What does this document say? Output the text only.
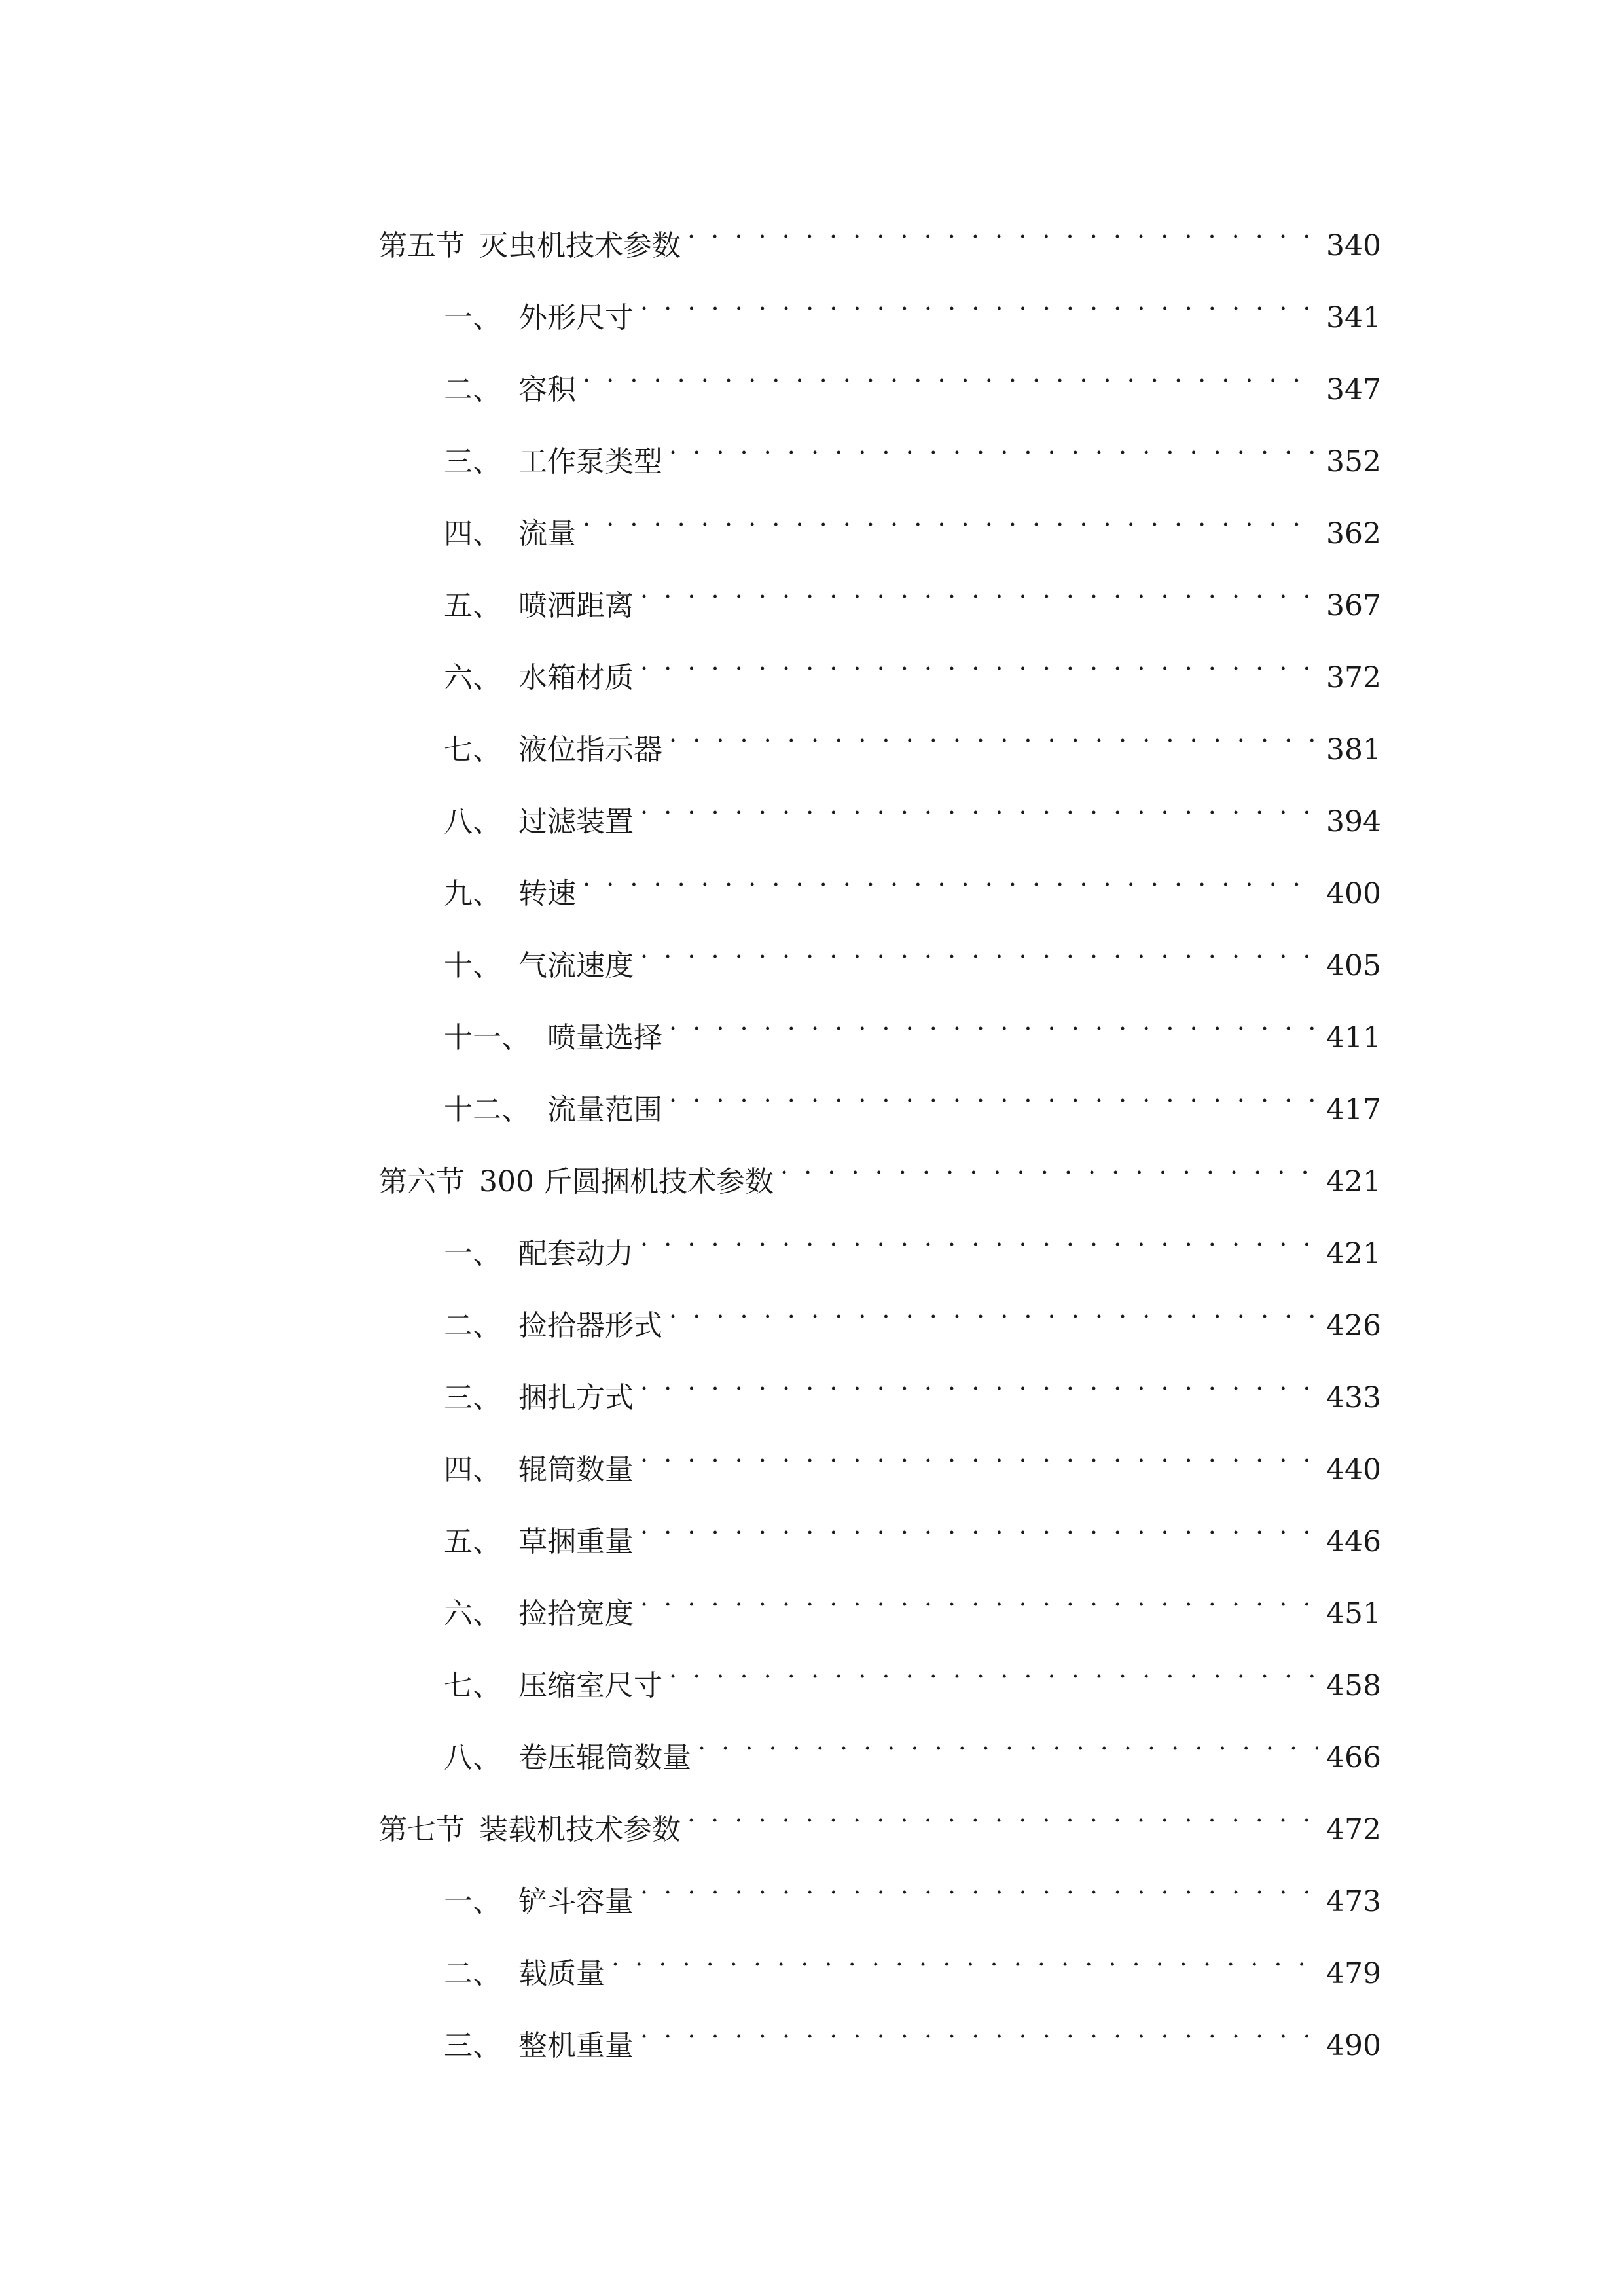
第五节 灭虫机技术参数 . . .	340
一、 外形尺寸 . . .	341
二、 容积 . . .	347
三、 工作泵类型 . . .	352
四、 流量 . . .	362
五、 喷洒距离 . . .	367
六、 水箱材质 . . .	372
七、 液位指示器 . . .	381
八、 过滤装置 . . .	394
九、 转速 . . .	400
十、 气流速度 . . .	405
十一、 喷量选择 . . .	411
十二、 流量范围 . . .	417
第六节 300 斤圆捆机技术参数 . . .	421
一、 配套动力 . . .	421
二、 捡拾器形式 . . .	426
三、 捆扎方式 . . .	433
四、 辊筒数量 . . .	440
五、 草捆重量 . . .	446
六、 捡拾宽度 . . .	451
七、 压缩室尺寸 . . .	458
八、 卷压辊筒数量 . . .	466
第七节 装载机技术参数 . . .	472
一、 铲斗容量 . . .	473
二、 载质量 . . .	479
三、 整机重量 . . .	490
